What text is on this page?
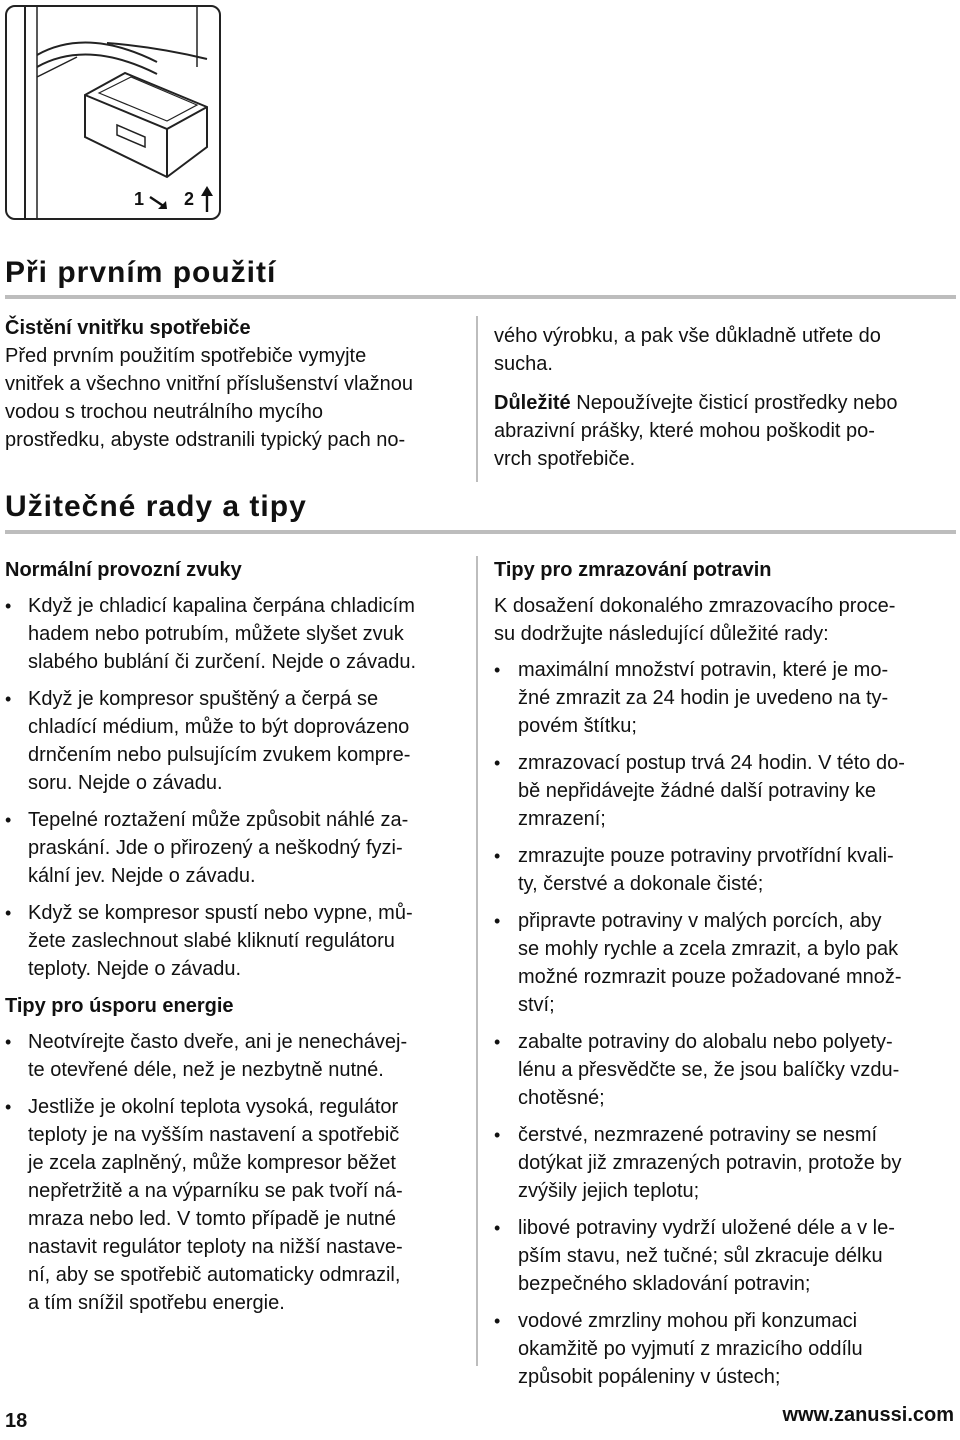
1 2
Při prvním použití

Čistění vnitřku spotřebiče

Před prvním použitím spotřebiče vymyjte

vnitřek a všechno vnitřní příslušenství vlažnou

vodou s trochou neutrálního mycího

prostředku, abyste odstranili typický pach no-

vého výrobku, a pak vše důkladně utřete do

sucha.

Důležité Nepoužívejte čisticí prostředky nebo

abrazivní prášky, které mohou poškodit po-

vrch spotřebiče.

Užitečné rady a tipy

Normální provozní zvuky

• Když je chladicí kapalina čerpána chladicím
hadem nebo potrubím, můžete slyšet zvuk
slabého bublání či zurčení. Nejde o závadu.
• Když je kompresor spuštěný a čerpá se
chladící médium, může to být doprovázeno
drnčením nebo pulsujícím zvukem kompre-
soru. Nejde o závadu.
• Tepelné roztažení může způsobit náhlé za-
praskání. Jde o přirozený a neškodný fyzi-
kální jev. Nejde o závadu.
• Když se kompresor spustí nebo vypne, mů-
žete zaslechnout slabé kliknutí regulátoru
teploty. Nejde o závadu.

Tipy pro úsporu energie

• Neotvírejte často dveře, ani je nenechávej-
te otevřené déle, než je nezbytně nutné.
• Jestliže je okolní teplota vysoká, regulátor
teploty je na vyšším nastavení a spotřebič
je zcela zaplněný, může kompresor běžet
nepřetržitě a na výparníku se pak tvoří ná-
mraza nebo led. V tomto případě je nutné
nastavit regulátor teploty na nižší nastave-
ní, aby se spotřebič automaticky odmrazil,
a tím snížil spotřebu energie.

Tipy pro zmrazování potravin

K dosažení dokonalého zmrazovacího proce-

su dodržujte následující důležité rady:

• maximální množství potravin, které je mo-
žné zmrazit za 24 hodin je uvedeno na ty-
povém štítku;
• zmrazovací postup trvá 24 hodin. V této do-
bě nepřidávejte žádné další potraviny ke
zmrazení;
• zmrazujte pouze potraviny prvotřídní kvali-
ty, čerstvé a dokonale čisté;
• připravte potraviny v malých porcích, aby
se mohly rychle a zcela zmrazit, a bylo pak
možné rozmrazit pouze požadované množ-
ství;
• zabalte potraviny do alobalu nebo polyety-
lénu a přesvědčte se, že jsou balíčky vzdu-
chotěsné;
• čerstvé, nezmrazené potraviny se nesmí
dotýkat již zmrazených potravin, protože by
zvýšily jejich teplotu;
• libové potraviny vydrží uložené déle a v le-
pším stavu, než tučné; sůl zkracuje délku
bezpečného skladování potravin;
• vodové zmrzliny mohou při konzumaci
okamžitě po vyjmutí z mrazicího oddílu
způsobit popáleniny v ústech;
18	www.zanussi.com
